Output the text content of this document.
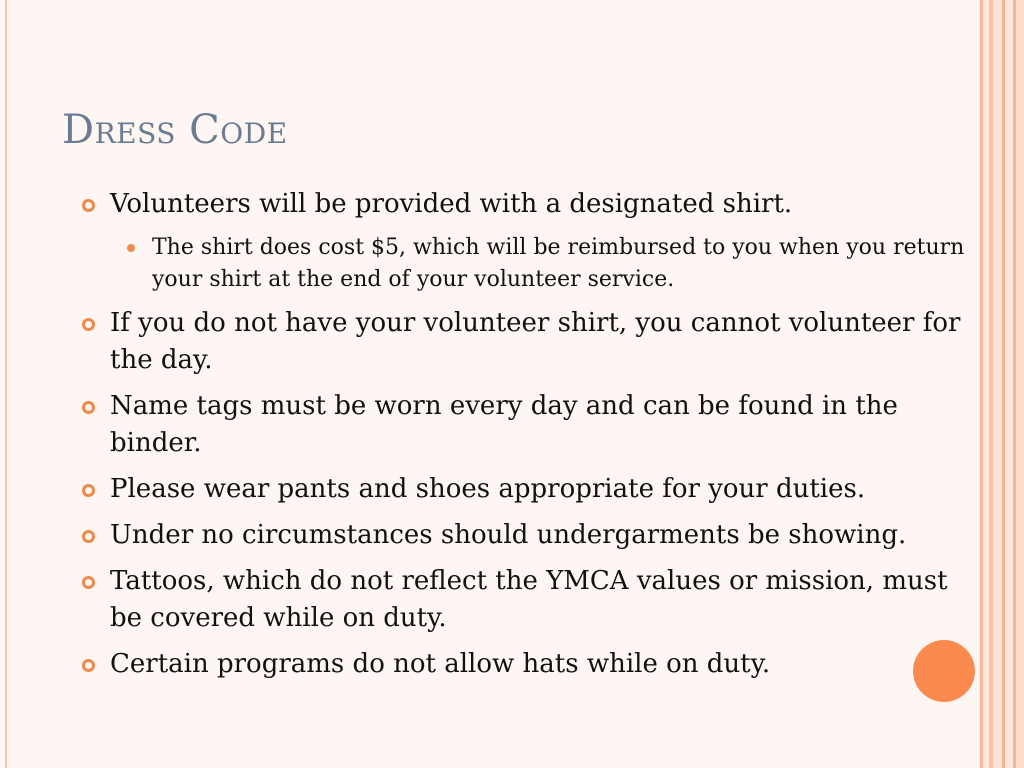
Dress Code
Volunteers will be provided with a designated shirt.
The shirt does cost $5, which will be reimbursed to you when you return your shirt at the end of your volunteer service.
If you do not have your volunteer shirt, you cannot volunteer for the day.
Name tags must be worn every day and can be found in the binder.
Please wear pants and shoes appropriate for your duties.
Under no circumstances should undergarments be showing.
Tattoos, which do not reflect the YMCA values or mission, must be covered while on duty.
Certain programs do not allow hats while on duty.
